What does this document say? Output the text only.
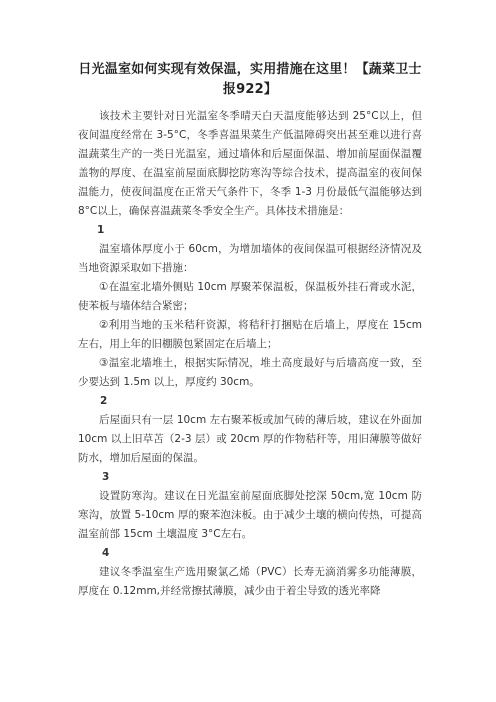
日光温室如何实现有效保温，实用措施在这里！【蔬菜卫士报922】

该技术主要针对日光温室冬季晴天白天温度能够达到 25°C以上，但夜间温度经常在 3-5°C，冬季喜温果菜生产低温障碍突出甚至难以进行喜温蔬菜生产的一类日光温室，通过墙体和后屋面保温、增加前屋面保温覆盖物的厚度、在温室前屋面底脚挖防寒沟等综合技术，提高温室的夜间保温能力，使夜间温度在正常天气条件下，冬季 1-3 月份最低气温能够达到 8°C以上，确保喜温蔬菜冬季安全生产。具体技术措施是：

1

温室墙体厚度小于 60cm，为增加墙体的夜间保温可根据经济情况及当地资源采取如下措施：

①在温室北墙外侧贴 10cm 厚聚苯保温板，保温板外挂石膏或水泥，使苯板与墙体结合紧密；

②利用当地的玉米秸秆资源，将秸秆打捆贴在后墙上，厚度在 15cm 左右，用上年的旧棚膜包紧固定在后墙上；

③温室北墙堆土，根据实际情况，堆土高度最好与后墙高度一致，至少要达到 1.5m 以上，厚度约 30cm。

2

后屋面只有一层 10cm 左右聚苯板或加气砖的薄后坡，建议在外面加 10cm 以上旧草苫（2-3 层）或 20cm 厚的作物秸秆等，用旧薄膜等做好防水，增加后屋面的保温。

3

设置防寒沟。建议在日光温室前屋面底脚处挖深 50cm,宽 10cm 防寒沟，放置 5-10cm 厚的聚苯泡沫板。由于减少土壤的横向传热，可提高温室前部 15cm 土壤温度 3°C左右。

4

建议冬季温室生产选用聚氯乙烯（PVC）长寿无滴消雾多功能薄膜，厚度在 0.12mm,并经常擦拭薄膜，减少由于着尘导致的透光率降
